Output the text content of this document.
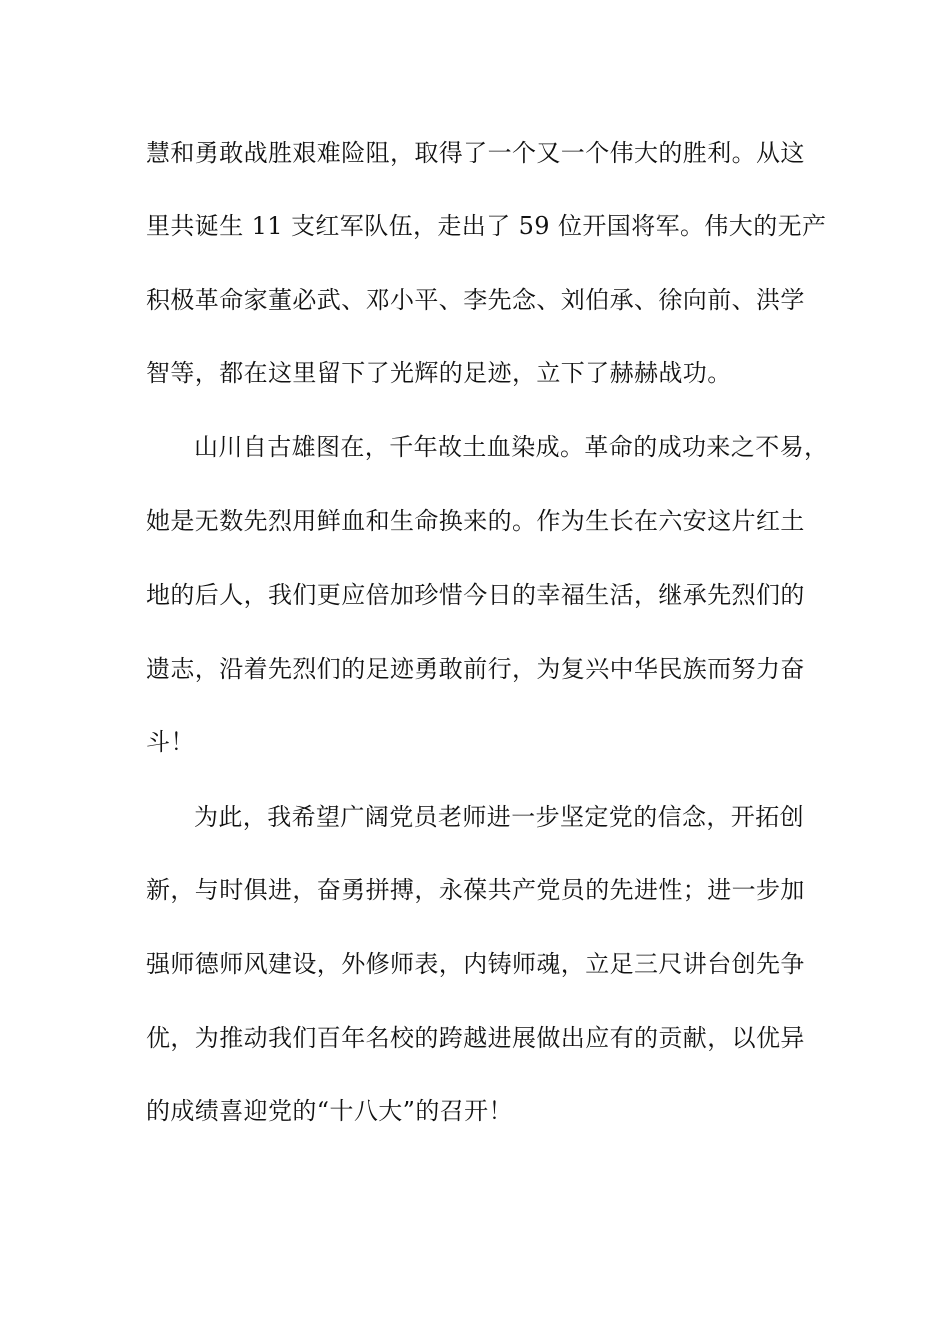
慧和勇敢战胜艰难险阻，取得了一个又一个伟大的胜利。从这
里共诞生 11 支红军队伍，走出了 59 位开国将军。伟大的无产
积极革命家董必武、邓小平、李先念、刘伯承、徐向前、洪学
智等，都在这里留下了光辉的足迹，立下了赫赫战功。
山川自古雄图在，千年故土血染成。革命的成功来之不易，
她是无数先烈用鲜血和生命换来的。作为生长在六安这片红土
地的后人，我们更应倍加珍惜今日的幸福生活，继承先烈们的
遗志，沿着先烈们的足迹勇敢前行，为复兴中华民族而努力奋
斗！
为此，我希望广阔党员老师进一步坚定党的信念，开拓创
新，与时俱进，奋勇拼搏，永葆共产党员的先进性；进一步加
强师德师风建设，外修师表，内铸师魂，立足三尺讲台创先争
优，为推动我们百年名校的跨越进展做出应有的贡献，以优异
的成绩喜迎党的“十八大”的召开！
